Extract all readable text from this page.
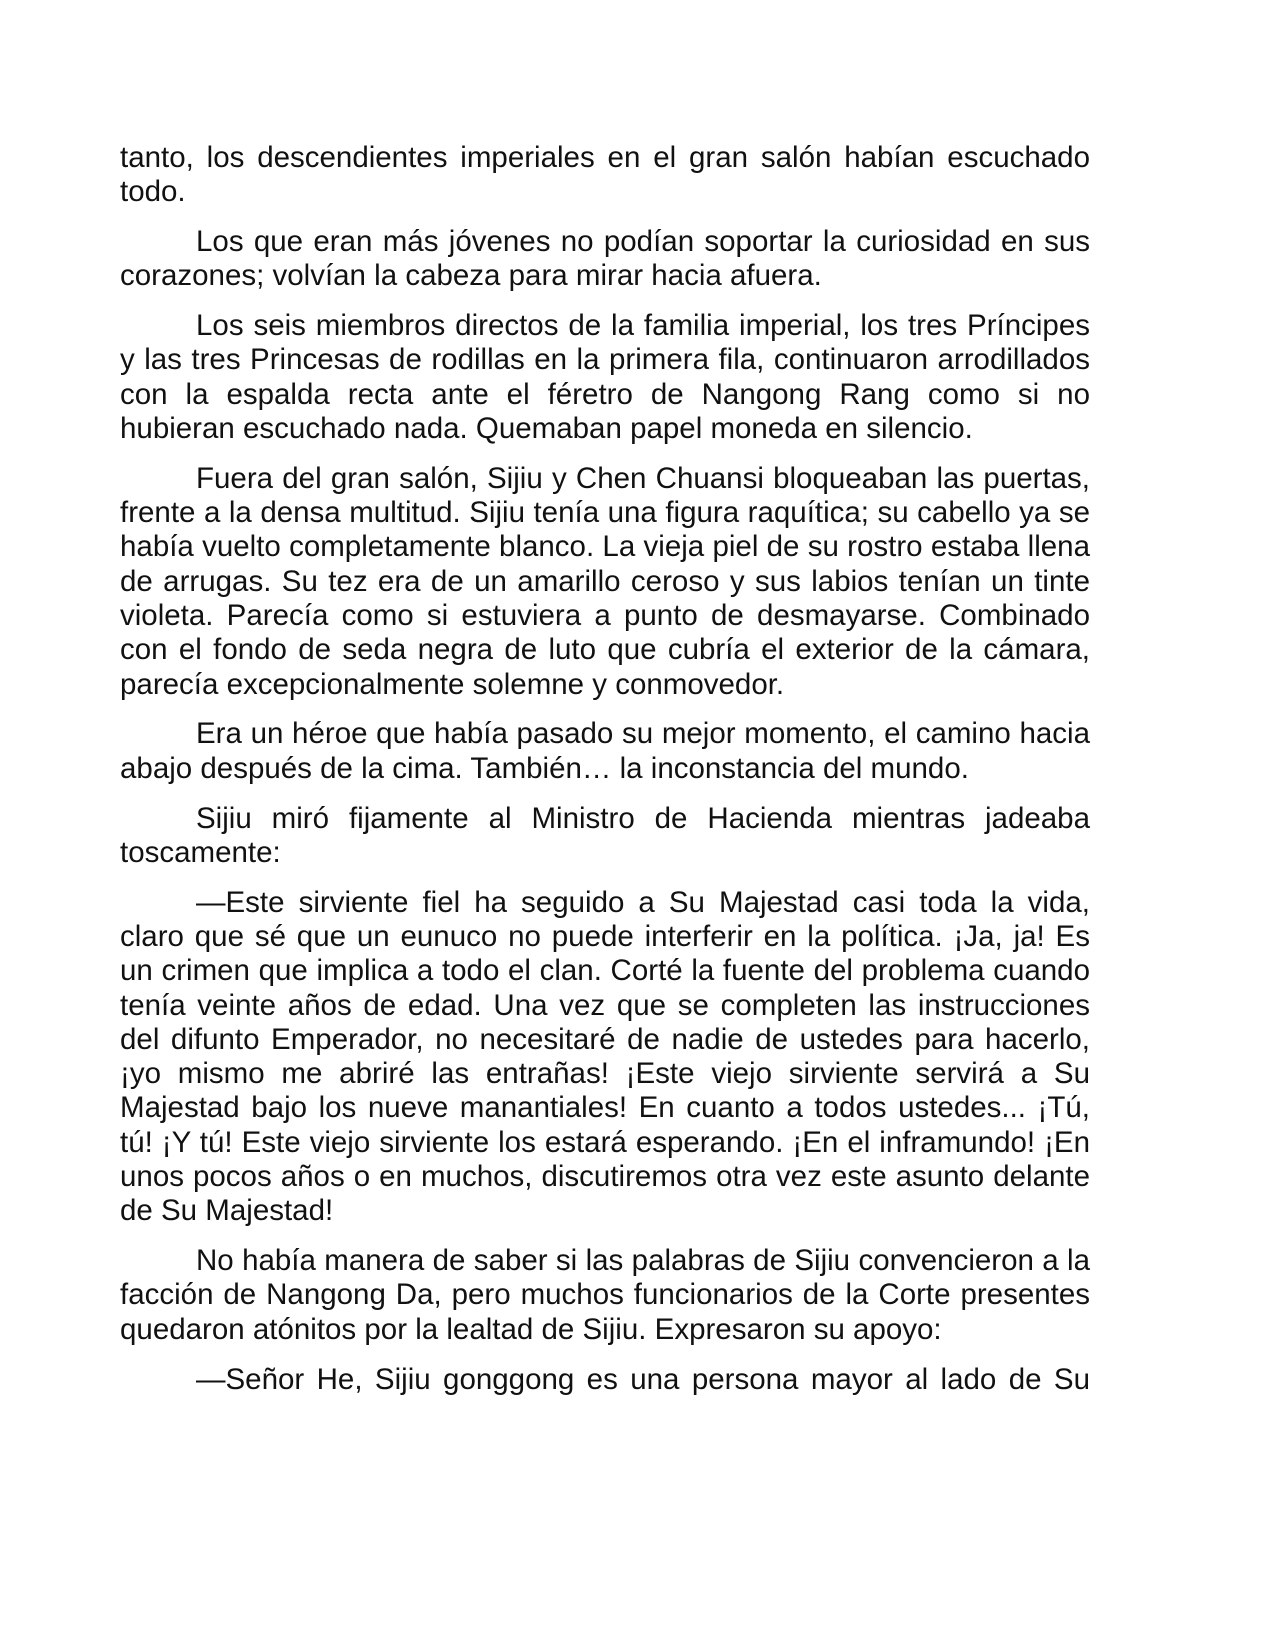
tanto, los descendientes imperiales en el gran salón habían escuchado todo.

Los que eran más jóvenes no podían soportar la curiosidad en sus corazones; volvían la cabeza para mirar hacia afuera.

Los seis miembros directos de la familia imperial, los tres Príncipes y las tres Princesas de rodillas en la primera fila, continuaron arrodillados con la espalda recta ante el féretro de Nangong Rang como si no hubieran escuchado nada. Quemaban papel moneda en silencio.

Fuera del gran salón, Sijiu y Chen Chuansi bloqueaban las puertas, frente a la densa multitud. Sijiu tenía una figura raquítica; su cabello ya se había vuelto completamente blanco. La vieja piel de su rostro estaba llena de arrugas. Su tez era de un amarillo ceroso y sus labios tenían un tinte violeta. Parecía como si estuviera a punto de desmayarse. Combinado con el fondo de seda negra de luto que cubría el exterior de la cámara, parecía excepcionalmente solemne y conmovedor.

Era un héroe que había pasado su mejor momento, el camino hacia abajo después de la cima. También… la inconstancia del mundo.

Sijiu miró fijamente al Ministro de Hacienda mientras jadeaba toscamente:

—Este sirviente fiel ha seguido a Su Majestad casi toda la vida, claro que sé que un eunuco no puede interferir en la política. ¡Ja, ja! Es un crimen que implica a todo el clan. Corté la fuente del problema cuando tenía veinte años de edad. Una vez que se completen las instrucciones del difunto Emperador, no necesitaré de nadie de ustedes para hacerlo, ¡yo mismo me abriré las entrañas! ¡Este viejo sirviente servirá a Su Majestad bajo los nueve manantiales! En cuanto a todos ustedes... ¡Tú, tú! ¡Y tú! Este viejo sirviente los estará esperando. ¡En el inframundo! ¡En unos pocos años o en muchos, discutiremos otra vez este asunto delante de Su Majestad!

No había manera de saber si las palabras de Sijiu convencieron a la facción de Nangong Da, pero muchos funcionarios de la Corte presentes quedaron atónitos por la lealtad de Sijiu. Expresaron su apoyo:

—Señor He, Sijiu gonggong es una persona mayor al lado de Su
